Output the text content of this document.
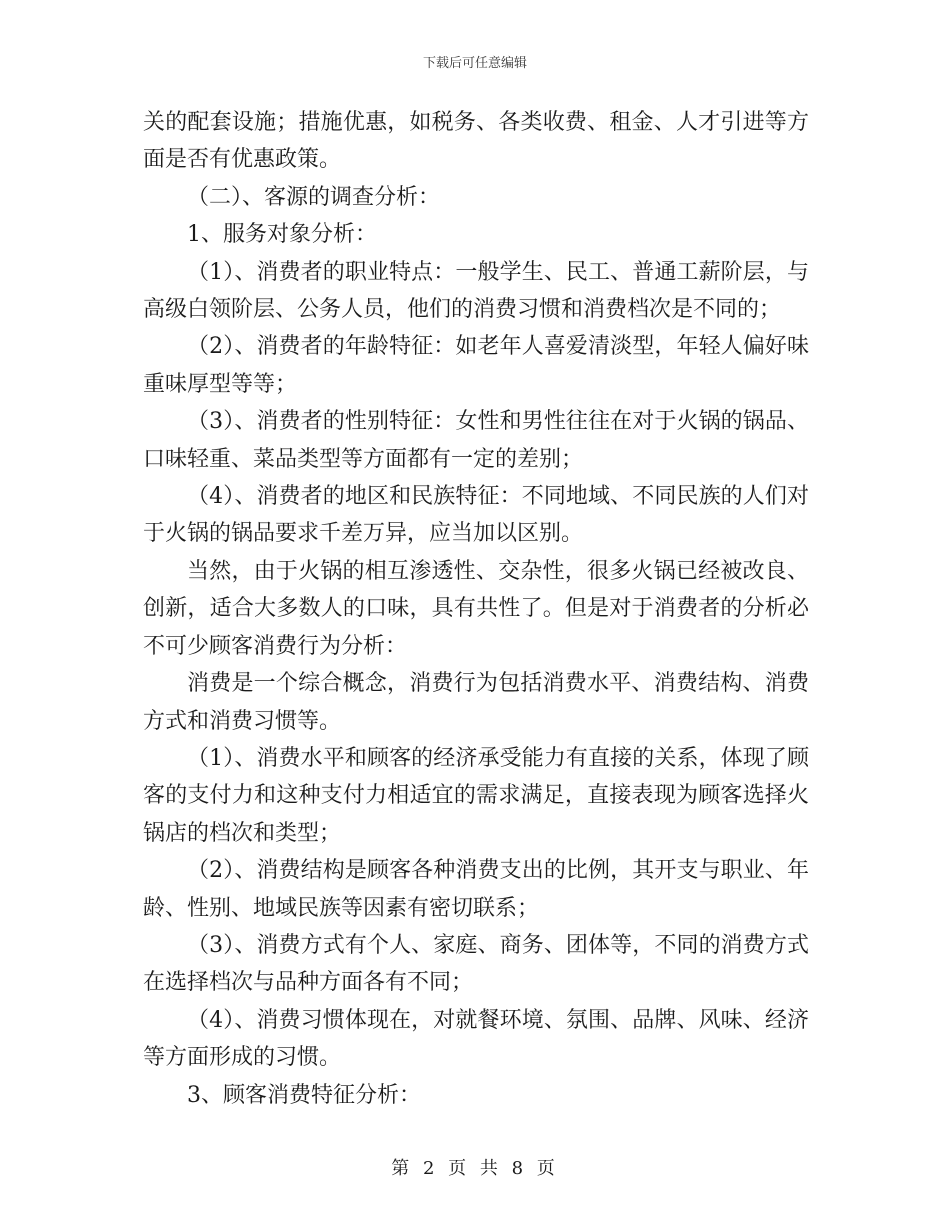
下载后可任意编辑

关的配套设施；措施优惠，如税务、各类收费、租金、人才引进等方面是否有优惠政策。

（二）、客源的调查分析：

1、服务对象分析：

（1）、消费者的职业特点：一般学生、民工、普通工薪阶层，与高级白领阶层、公务人员，他们的消费习惯和消费档次是不同的；

（2）、消费者的年龄特征：如老年人喜爱清淡型，年轻人偏好味重味厚型等等；

（3）、消费者的性别特征：女性和男性往往在对于火锅的锅品、口味轻重、菜品类型等方面都有一定的差别；

（4）、消费者的地区和民族特征：不同地域、不同民族的人们对于火锅的锅品要求千差万异，应当加以区别。

当然，由于火锅的相互渗透性、交杂性，很多火锅已经被改良、创新，适合大多数人的口味，具有共性了。但是对于消费者的分析必不可少顾客消费行为分析：

消费是一个综合概念，消费行为包括消费水平、消费结构、消费方式和消费习惯等。

（1）、消费水平和顾客的经济承受能力有直接的关系，体现了顾客的支付力和这种支付力相适宜的需求满足，直接表现为顾客选择火锅店的档次和类型；

（2）、消费结构是顾客各种消费支出的比例，其开支与职业、年龄、性别、地域民族等因素有密切联系；

（3）、消费方式有个人、家庭、商务、团体等，不同的消费方式在选择档次与品种方面各有不同；

（4）、消费习惯体现在，对就餐环境、氛围、品牌、风味、经济等方面形成的习惯。

3、顾客消费特征分析：

第 2 页 共 8 页
